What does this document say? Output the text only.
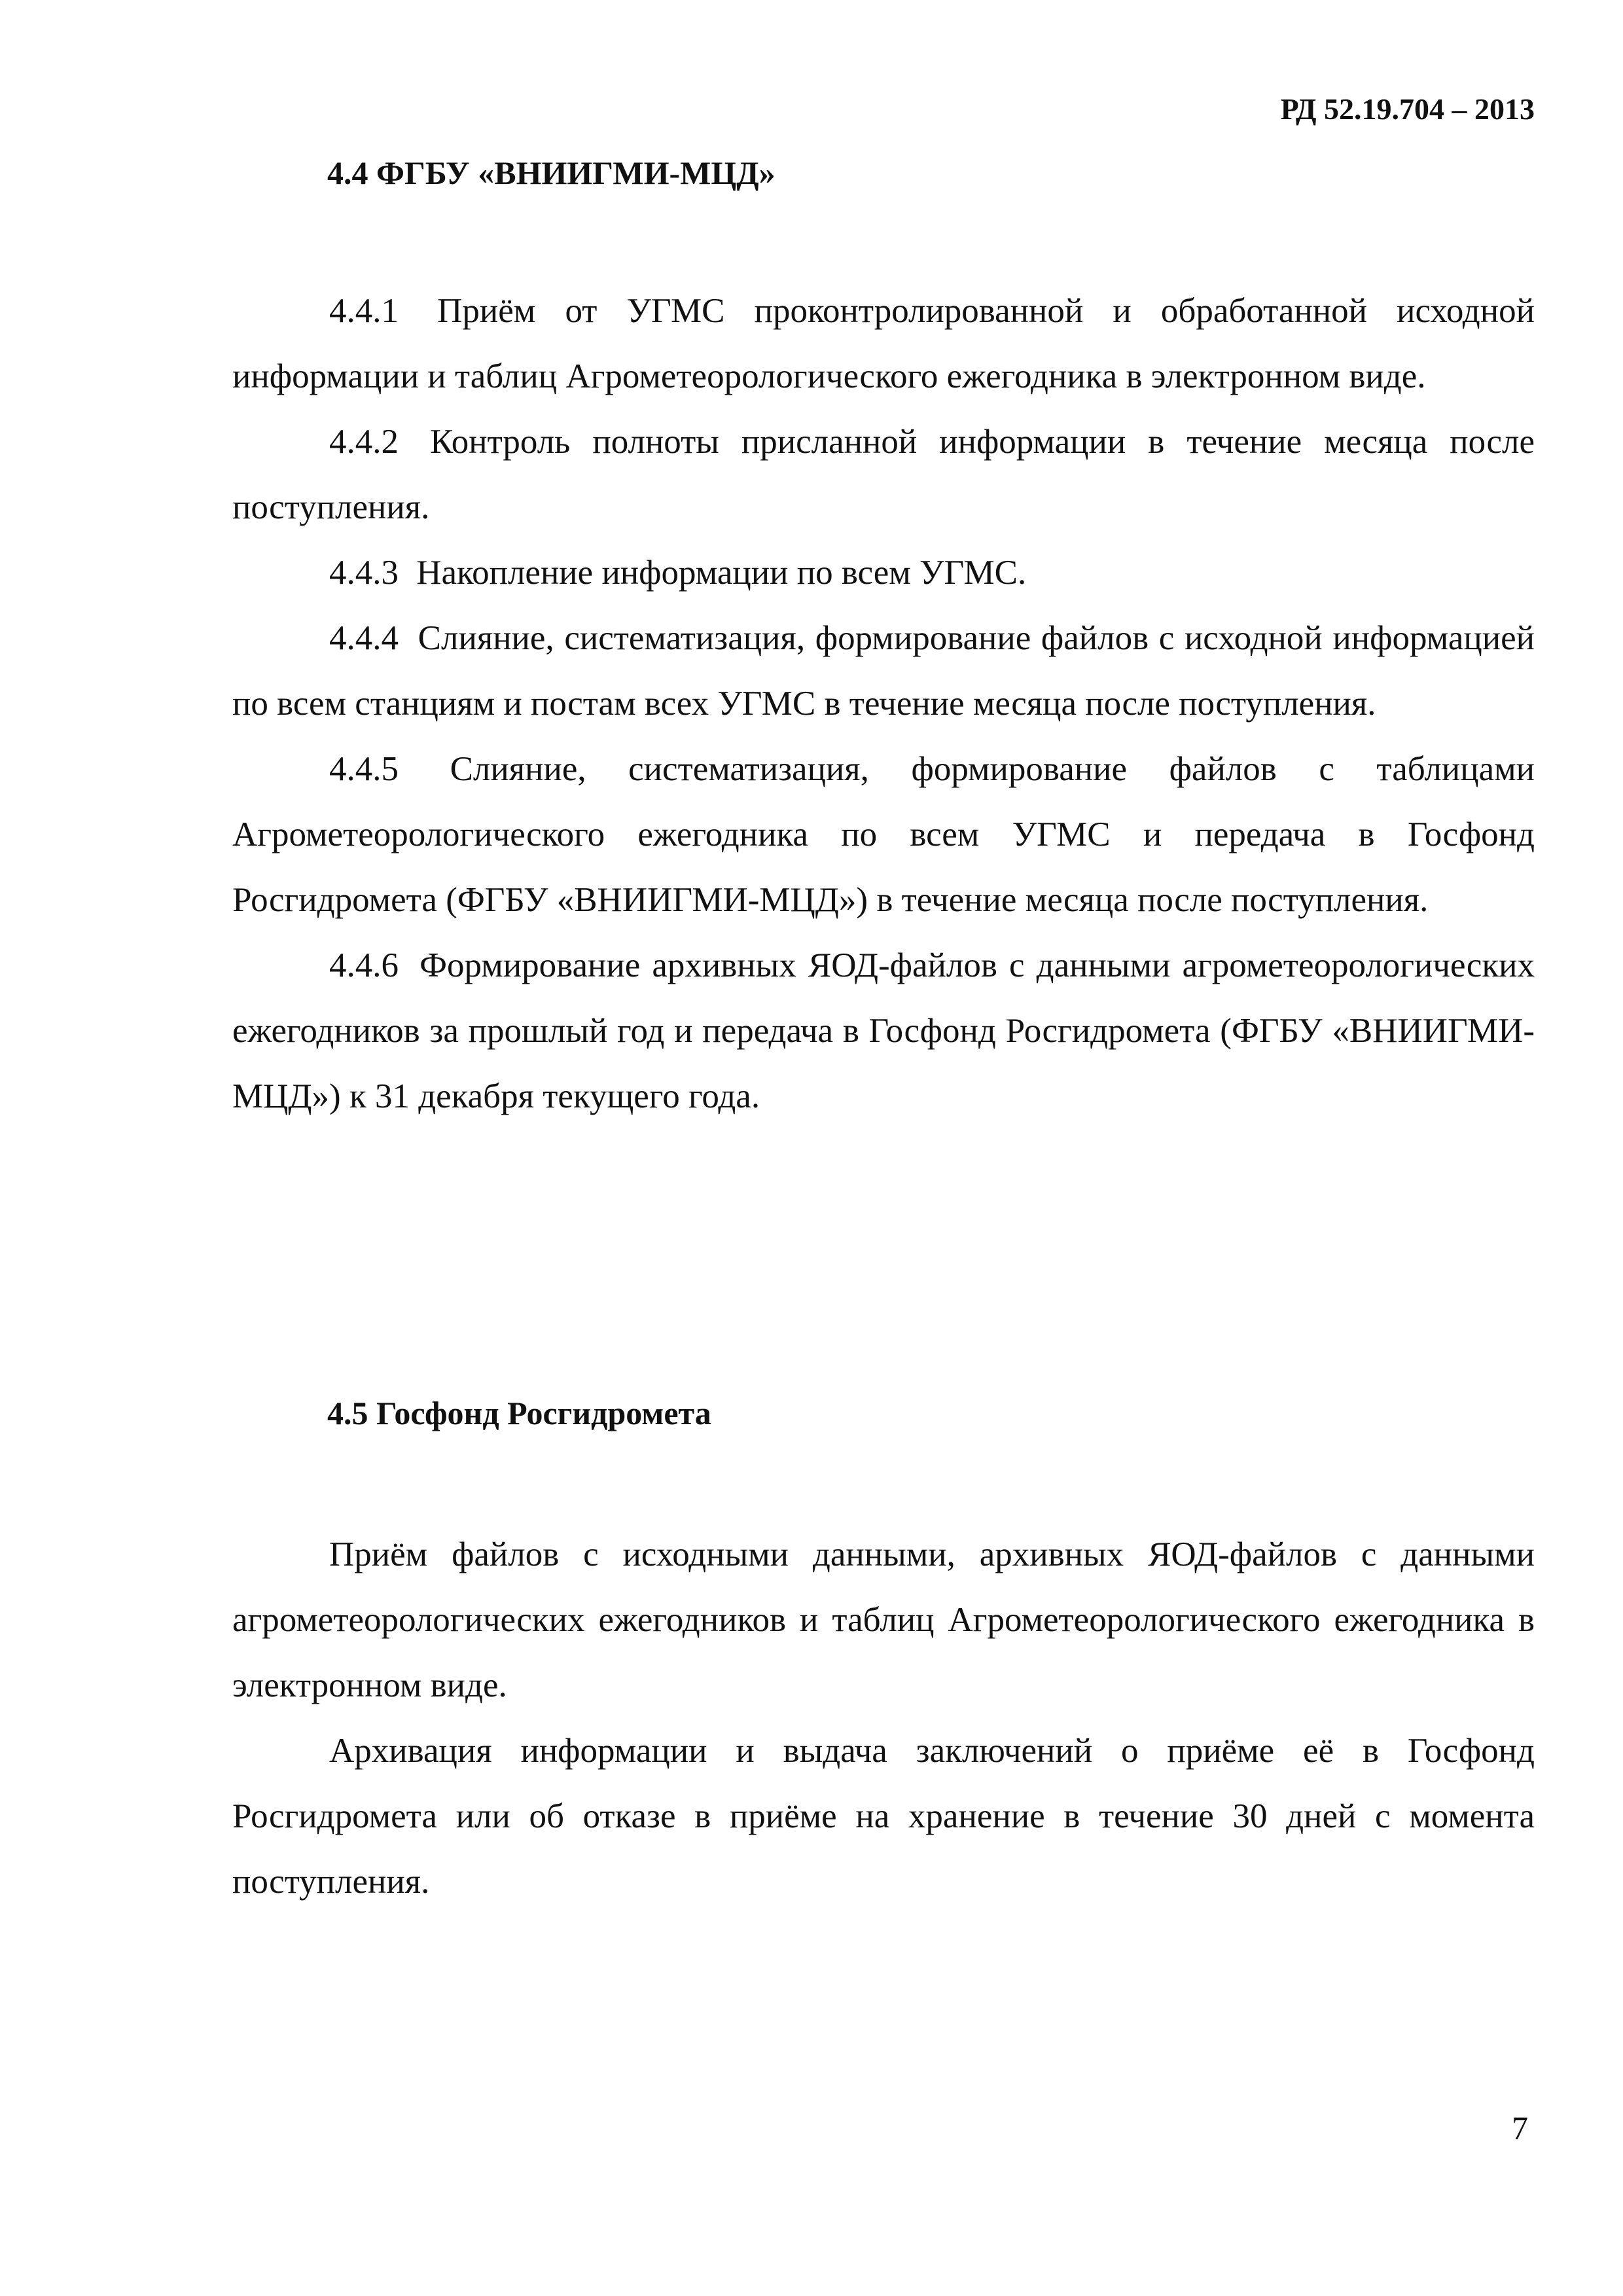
РД 52.19.704 – 2013
4.4 ФГБУ «ВНИИГМИ-МЦД»

4.4.1 Приём от УГМС проконтролированной и обработанной исходной информации и таблиц Агрометеорологического ежегодника в электронном виде.

4.4.2 Контроль полноты присланной информации в течение месяца после поступления.

4.4.3 Накопление информации по всем УГМС.

4.4.4 Слияние, систематизация, формирование файлов с исходной информацией по всем станциям и постам всех УГМС в течение месяца после поступления.

4.4.5 Слияние, систематизация, формирование файлов с таблицами Агрометеорологического ежегодника по всем УГМС и передача в Госфонд Росгидромета (ФГБУ «ВНИИГМИ-МЦД») в течение месяца после поступления.

4.4.6 Формирование архивных ЯОД-файлов с данными агрометеорологических ежегодников за прошлый год и передача в Госфонд Росгидромета (ФГБУ «ВНИИГМИ-МЦД») к 31 декабря текущего года.

4.5 Госфонд Росгидромета

Приём файлов с исходными данными, архивных ЯОД-файлов с данными агрометеорологических ежегодников и таблиц Агрометеорологического ежегодника в электронном виде.

Архивация информации и выдача заключений о приёме её в Госфонд Росгидромета или об отказе в приёме на хранение в течение 30 дней с момента поступления.

7
